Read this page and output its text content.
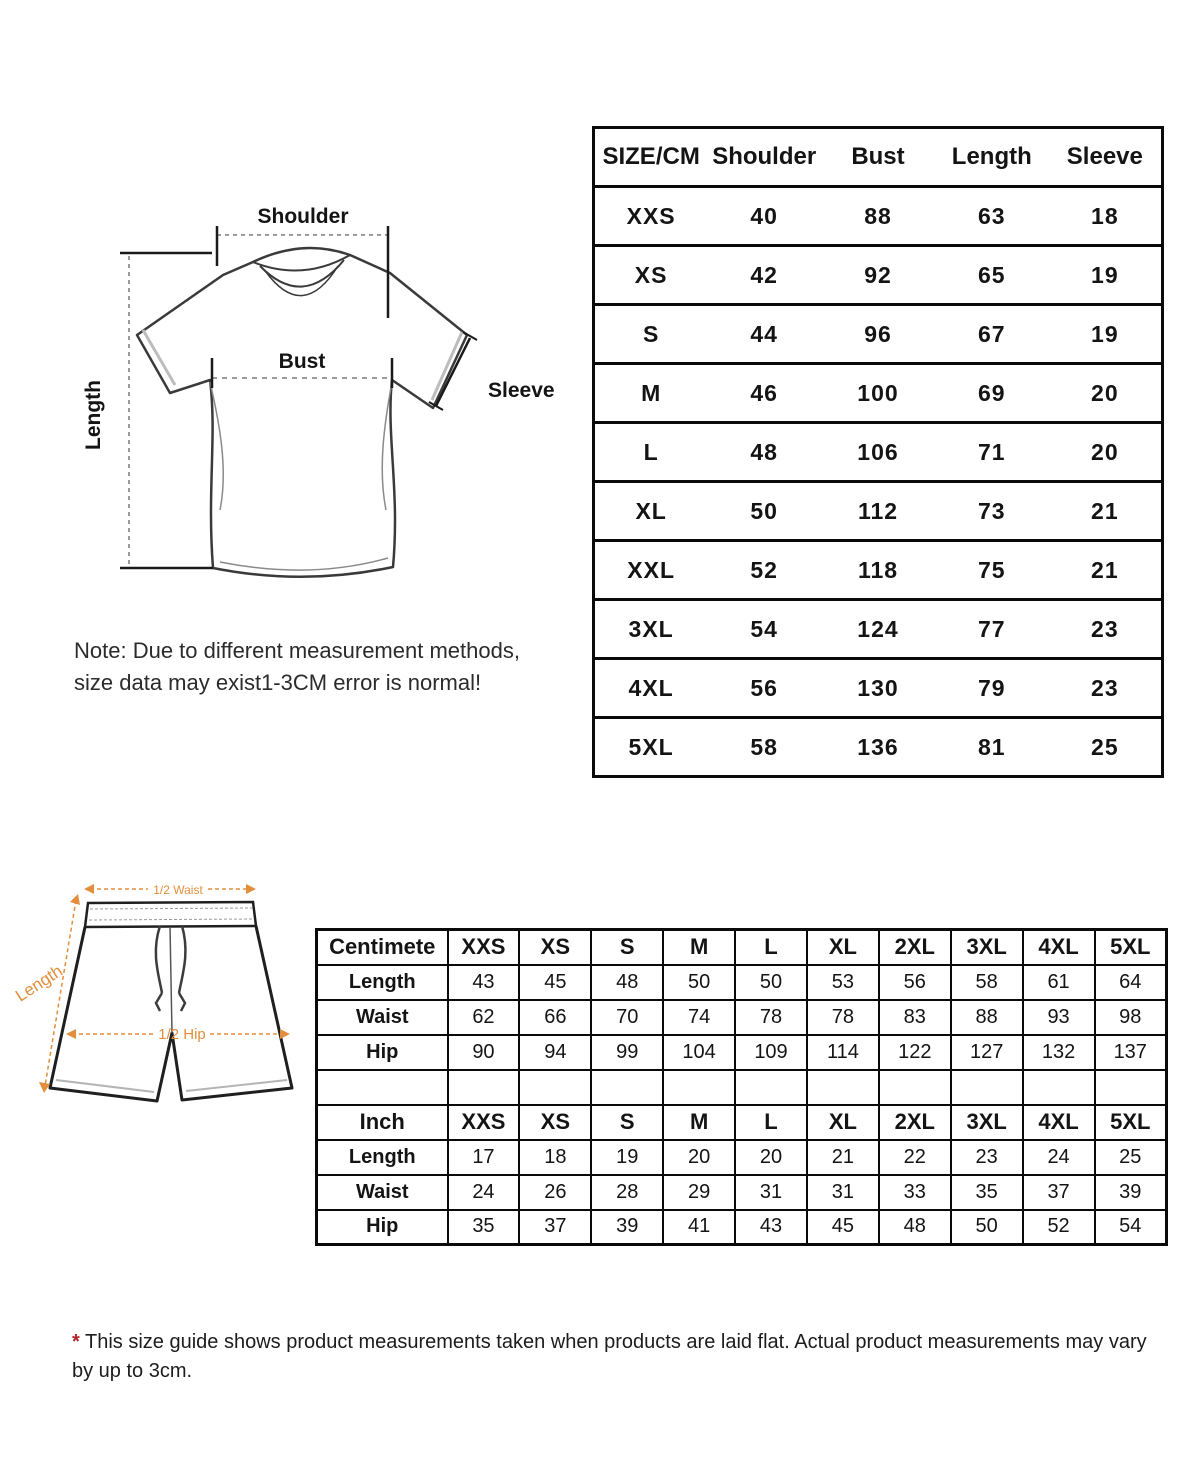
Shoulder
Length
Bust
Sleeve
Note: Due to different measurement methods,
size data may exist1-3CM error is normal!
SIZE/CM	Shoulder	Bust	Length	Sleeve
XXS	40	88	63	18
XS	42	92	65	19
S	44	96	67	19
M	46	100	69	20
L	48	106	71	20
XL	50	112	73	21
XXL	52	118	75	21
3XL	54	124	77	23
4XL	56	130	79	23
5XL	58	136	81	25
1/2 Waist
Length
1/2 Hip
Centimete	XXS	XS	S	M	L	XL	2XL	3XL	4XL	5XL
Length	43	45	48	50	50	53	56	58	61	64
Waist	62	66	70	74	78	78	83	88	93	98
Hip	90	94	99	104	109	114	122	127	132	137

Inch	XXS	XS	S	M	L	XL	2XL	3XL	4XL	5XL
Length	17	18	19	20	20	21	22	23	24	25
Waist	24	26	28	29	31	31	33	35	37	39
Hip	35	37	39	41	43	45	48	50	52	54

* This size guide shows product measurements taken when products are laid flat. Actual product measurements may vary by up to 3cm.
